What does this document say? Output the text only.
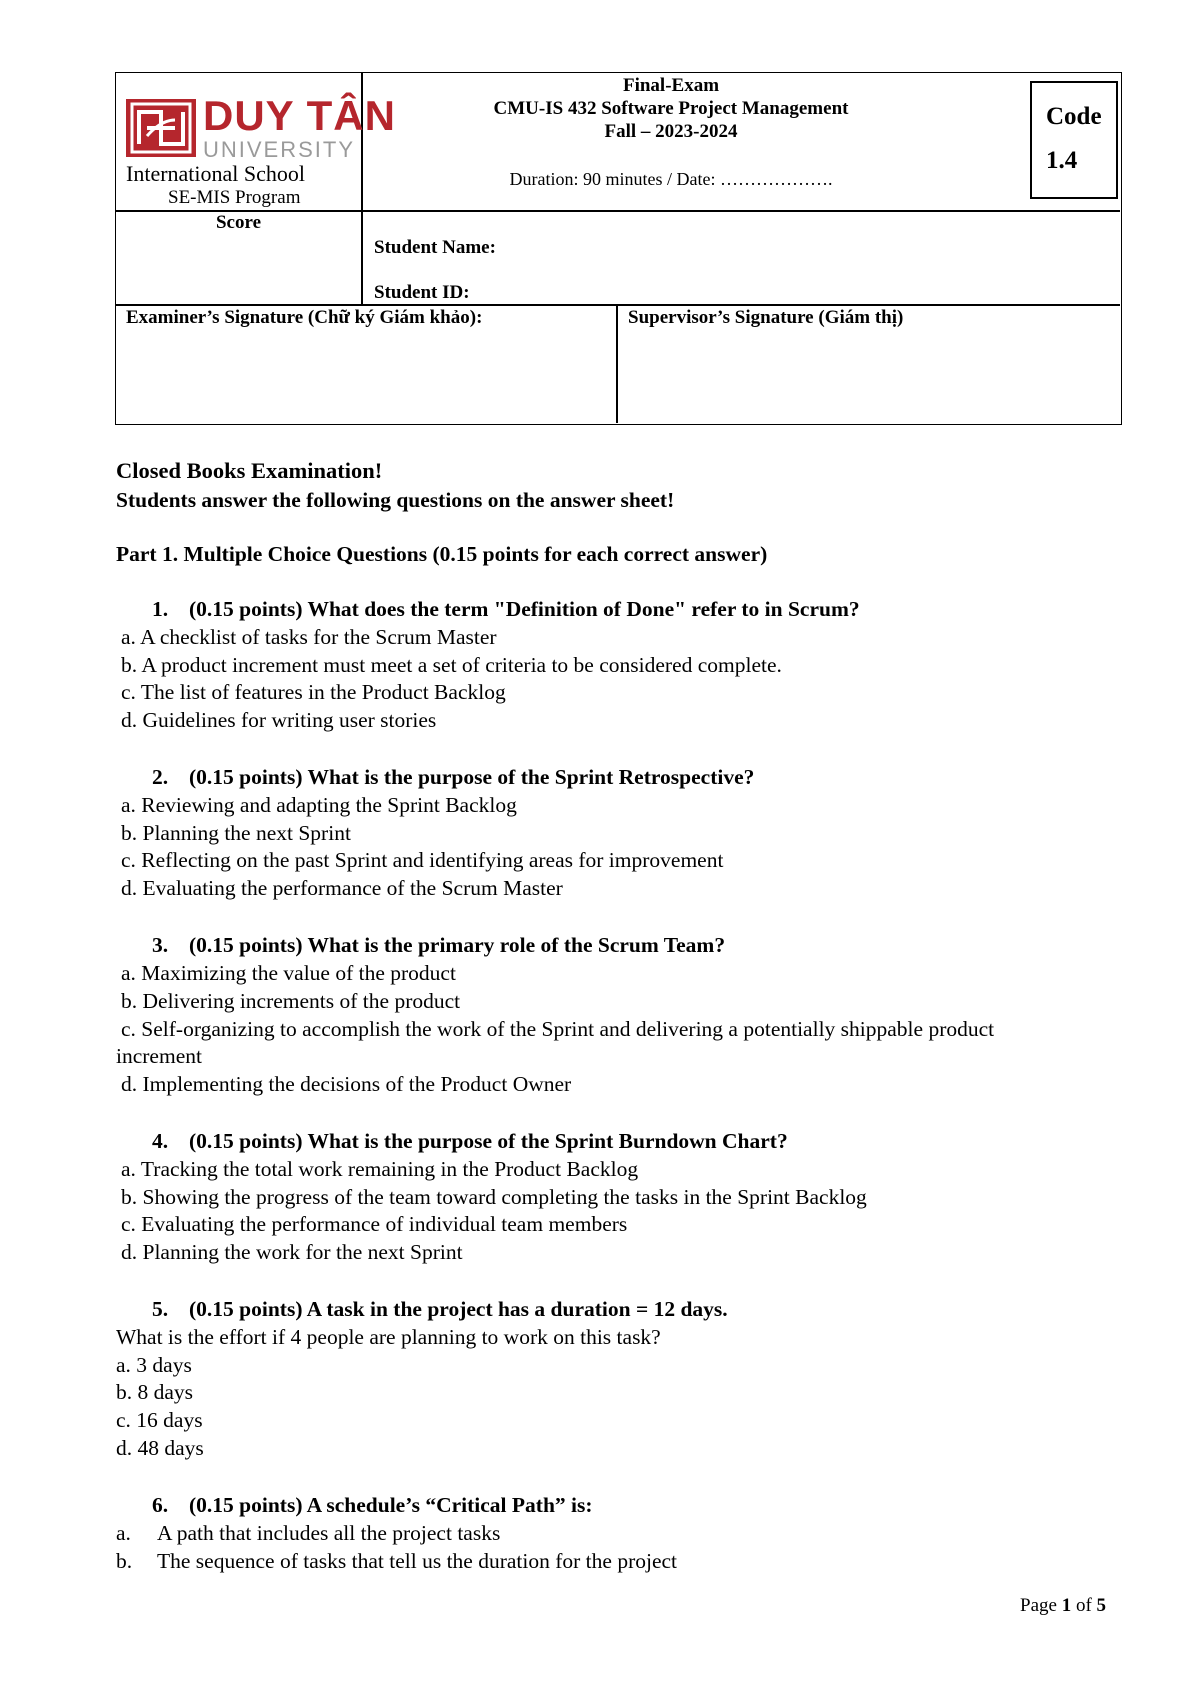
DUY TÂN
UNIVERSITY
International School
SE-MIS Program
Final-Exam
CMU-IS 432 Software Project Management
Fall – 2023-2024
Duration: 90 minutes / Date: ……………….
Code
1.4
Score
Student Name:
Student ID:
Examiner’s Signature (Chữ ký Giám khảo):	Supervisor’s Signature (Giám thị)
Closed Books Examination!
Students answer the following questions on the answer sheet!
Part 1. Multiple Choice Questions (0.15 points for each correct answer)
1. (0.15 points) What does the term "Definition of Done" refer to in Scrum?
a. A checklist of tasks for the Scrum Master
b. A product increment must meet a set of criteria to be considered complete.
c. The list of features in the Product Backlog
d. Guidelines for writing user stories
2. (0.15 points) What is the purpose of the Sprint Retrospective?
a. Reviewing and adapting the Sprint Backlog
b. Planning the next Sprint
c. Reflecting on the past Sprint and identifying areas for improvement
d. Evaluating the performance of the Scrum Master
3. (0.15 points) What is the primary role of the Scrum Team?
a. Maximizing the value of the product
b. Delivering increments of the product
c. Self-organizing to accomplish the work of the Sprint and delivering a potentially shippable product
increment
d. Implementing the decisions of the Product Owner
4. (0.15 points) What is the purpose of the Sprint Burndown Chart?
a. Tracking the total work remaining in the Product Backlog
b. Showing the progress of the team toward completing the tasks in the Sprint Backlog
c. Evaluating the performance of individual team members
d. Planning the work for the next Sprint
5. (0.15 points) A task in the project has a duration = 12 days.
What is the effort if 4 people are planning to work on this task?
a. 3 days
b. 8 days
c. 16 days
d. 48 days
6. (0.15 points) A schedule’s “Critical Path” is:
a.	A path that includes all the project tasks
b.	The sequence of tasks that tell us the duration for the project
Page 1 of 5
